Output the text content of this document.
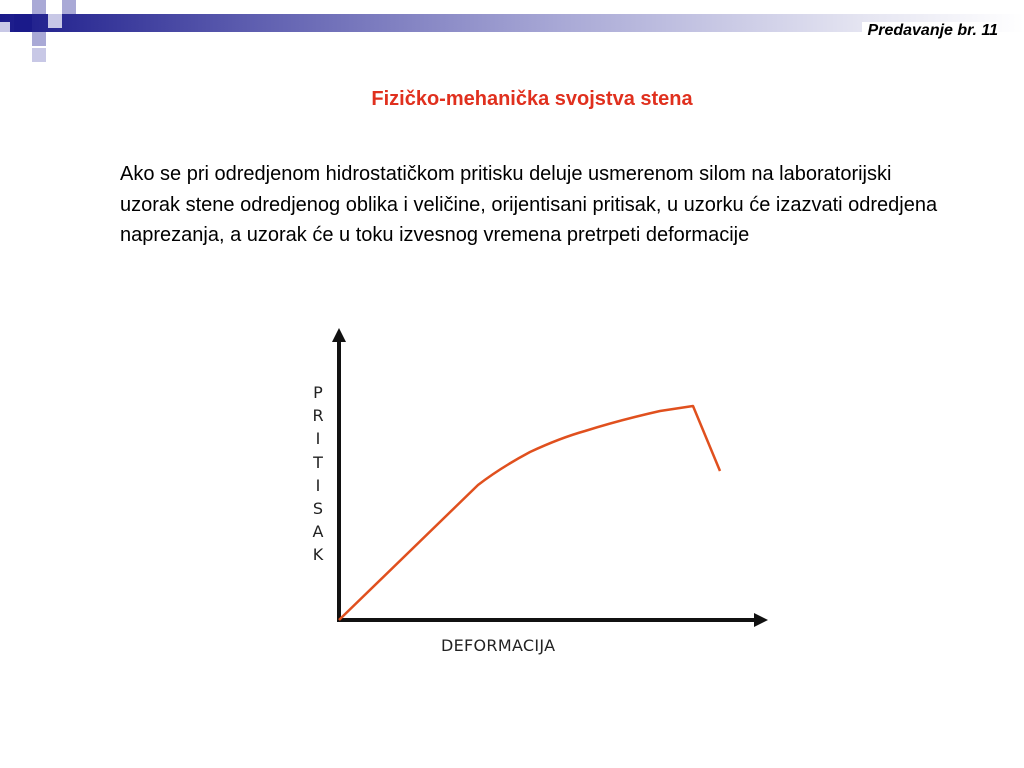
Predavanje br. 11
Fizičko-mehanička svojstva stena
Ako se pri odredjenom hidrostatičkom pritisku deluje usmerenom silom na laboratorijski uzorak stene odredjenog oblika i veličine, orijentisani pritisak, u uzorku će izazvati odredjena naprezanja, a uzorak će u toku izvesnog vremena pretrpeti deformacije
P
R
I
T
I
S
A
K
DEFORMACIJA
